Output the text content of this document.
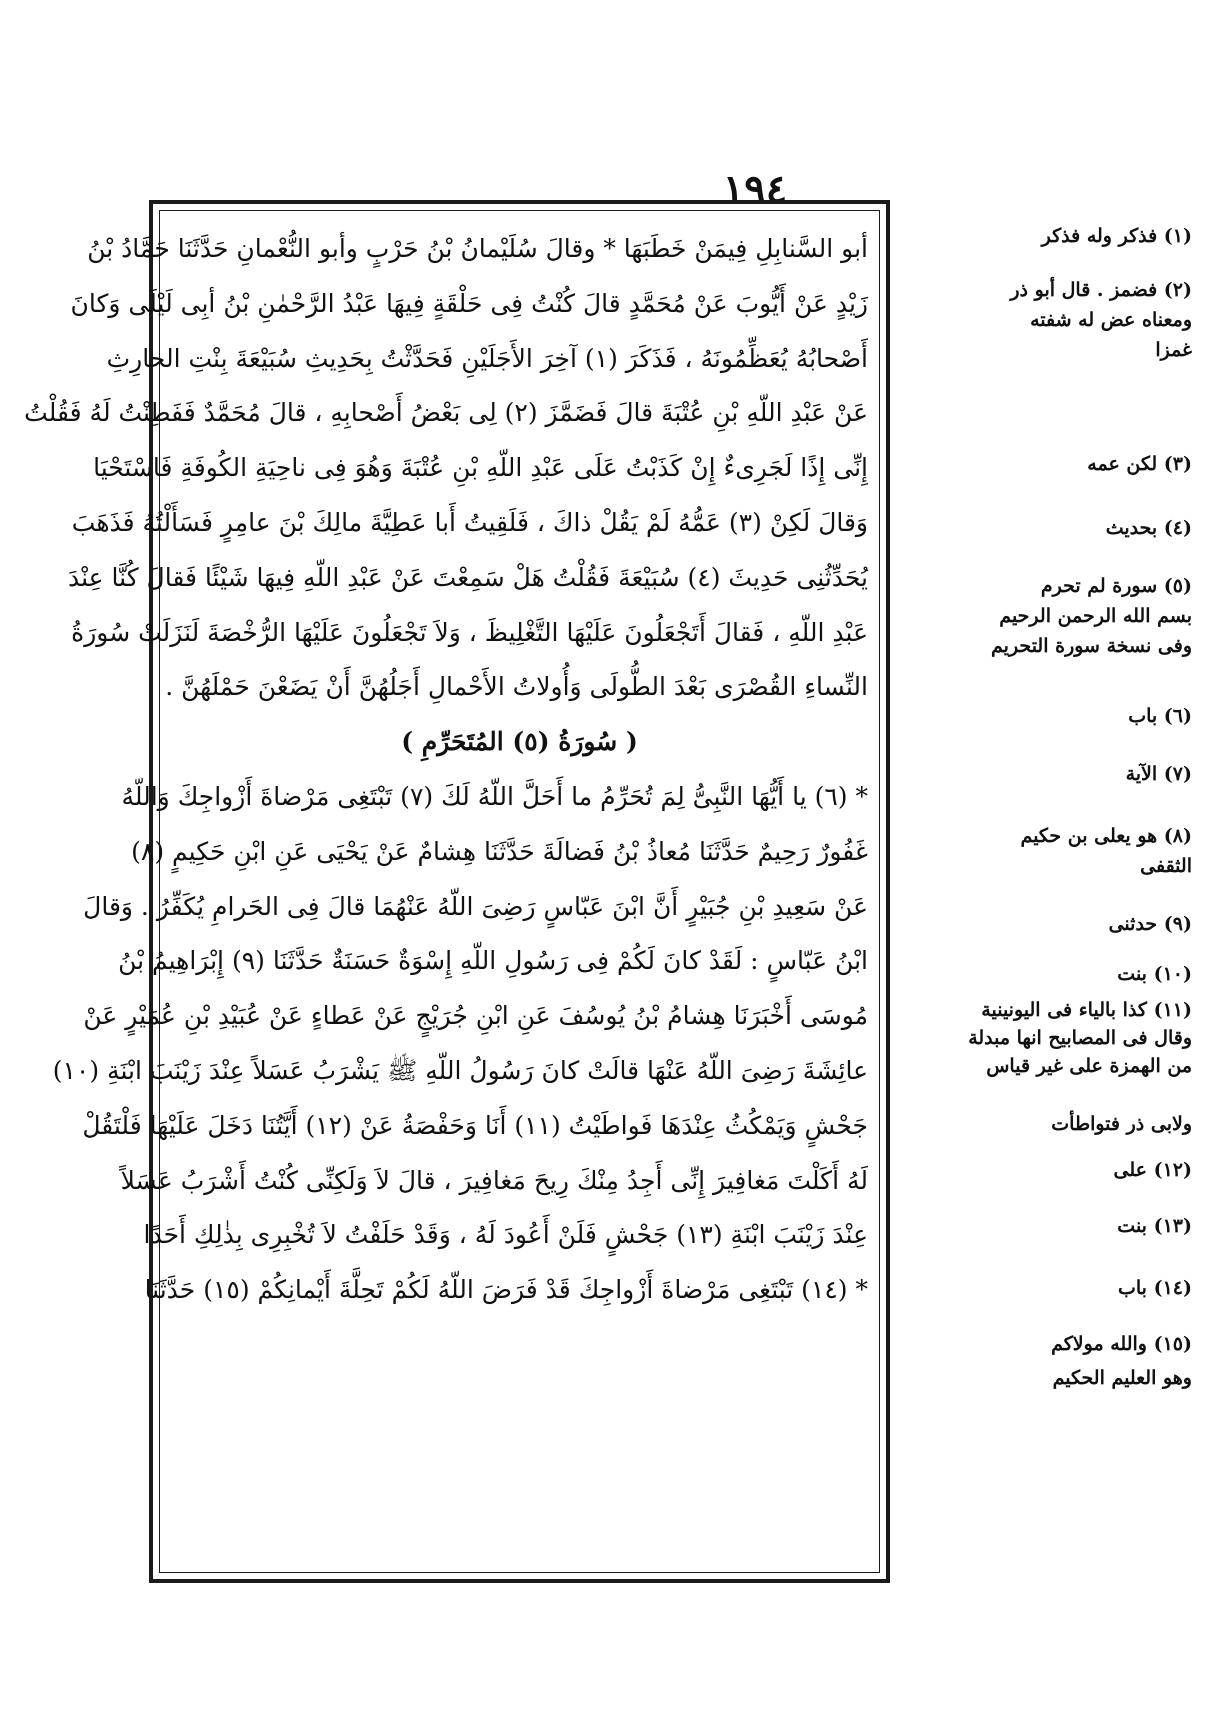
١٩٤
أبو السَّنابِلِ فِيمَنْ خَطَبَهَا * وقالَ سُلَيْمانُ بْنُ حَرْبٍ وأبو النُّعْمانِ حَدَّثَنَا حَمَّادُ بْنُ
زَيْدٍ عَنْ أَيُّوبَ عَنْ مُحَمَّدٍ قالَ كُنْتُ فِى حَلْقَةٍ فِيهَا عَبْدُ الرَّحْمٰنِ بْنُ أبِى لَيْلَى وَكانَ
أَصْحابُهُ يُعَظِّمُونَهُ ، فَذَكَرَ (١) آخِرَ الأَجَلَيْنِ فَحَدَّثْتُ بِحَدِيثِ سُبَيْعَةَ بِنْتِ الحارِثِ
عَنْ عَبْدِ اللّهِ بْنِ عُتْبَةَ قالَ فَضَمَّزَ (٢) لِى بَعْضُ أَصْحابِهِ ، قالَ مُحَمَّدٌ فَفَطِنْتُ لَهُ فَقُلْتُ
إِنِّى إِذًا لَجَرِىءٌ إِنْ كَذَبْتُ عَلَى عَبْدِ اللّهِ بْنِ عُتْبَةَ وَهُوَ فِى ناحِيَةِ الكُوفَةِ فَاسْتَحْيَا
وَقالَ لَكِنْ (٣) عَمُّهُ لَمْ يَقُلْ ذاكَ ، فَلَقِيتُ أَبا عَطِيَّةَ مالِكَ بْنَ عامِرٍ فَسَأَلْتُهُ فَذَهَبَ
يُحَدِّثُنِى حَدِيثَ (٤) سُبَيْعَةَ فَقُلْتُ هَلْ سَمِعْتَ عَنْ عَبْدِ اللّهِ فِيهَا شَيْئًا فَقالَ كُنَّا عِنْدَ
عَبْدِ اللّهِ ، فَقالَ أَتَجْعَلُونَ عَلَيْهَا التَّغْلِيظَ ، وَلاَ تَجْعَلُونَ عَلَيْهَا الرُّخْصَةَ لَنَزَلَتْ سُورَةُ
النِّساءِ القُصْرَى بَعْدَ الطُّولَى وَأُولاتُ الأَحْمالِ أَجَلُهُنَّ أَنْ يَضَعْنَ حَمْلَهُنَّ .
( سُورَةُ (٥) المُتَحَرِّمِ )
* (٦) يا أَيُّهَا النَّبِىُّ لِمَ تُحَرِّمُ ما أَحَلَّ اللّهُ لَكَ (٧) تَبْتَغِى مَرْضاةَ أَزْواجِكَ وَاللّهُ
غَفُورٌ رَحِيمٌ حَدَّثَنَا مُعاذُ بْنُ فَضالَةَ حَدَّثَنَا هِشامٌ عَنْ يَحْيَى عَنِ ابْنِ حَكِيمٍ (٨)
عَنْ سَعِيدِ بْنِ جُبَيْرٍ أَنَّ ابْنَ عَبّاسٍ رَضِىَ اللّهُ عَنْهُمَا قالَ فِى الحَرامِ يُكَفِّرُ . وَقالَ
ابْنُ عَبّاسٍ : لَقَدْ كانَ لَكُمْ فِى رَسُولِ اللّهِ إِسْوَةٌ حَسَنَةٌ حَدَّثَنَا (٩) إِبْرَاهِيمُ بْنُ
مُوسَى أَخْبَرَنَا هِشامُ بْنُ يُوسُفَ عَنِ ابْنِ جُرَيْجٍ عَنْ عَطاءٍ عَنْ عُبَيْدِ بْنِ عُمَيْرٍ عَنْ
عائِشَةَ رَضِىَ اللّهُ عَنْهَا قالَتْ كانَ رَسُولُ اللّهِ ﷺ يَشْرَبُ عَسَلاً عِنْدَ زَيْنَبَ ابْنَةِ (١٠)
جَحْشٍ وَيَمْكُثُ عِنْدَهَا فَواطَيْتُ (١١) أَنَا وَحَفْصَةُ عَنْ (١٢) أَيَّتُنَا دَخَلَ عَلَيْهَا فَلْتَقُلْ
لَهُ أَكَلْتَ مَغافِيرَ إِنِّى أَجِدُ مِنْكَ رِيحَ مَغافِيرَ ، قالَ لاَ وَلَكِنِّى كُنْتُ أَشْرَبُ عَسَلاً
عِنْدَ زَيْنَبَ ابْنَةِ (١٣) جَحْشٍ فَلَنْ أَعُودَ لَهُ ، وَقَدْ حَلَفْتُ لاَ تُخْبِرِى بِذٰلِكِ أَحَدًا
* (١٤) تَبْتَغِى مَرْضاةَ أَزْواجِكَ قَدْ فَرَضَ اللّهُ لَكُمْ تَحِلَّةَ أَيْمانِكُمْ (١٥) حَدَّثَنَا
(١) فذكر وله فذكر
(٢) فضمز . قال أبو ذر
ومعناه عض له شفته
غمزا
(٣) لكن عمه
(٤) بحديث
(٥) سورة لم تحرم
بسم الله الرحمن الرحيم
وفى نسخة سورة التحريم
(٦) باب
(٧) الآية
(٨) هو يعلى بن حكيم
الثقفى
(٩) حدثنى
(١٠) بنت
(١١) كذا بالياء فى اليونينية
وقال فى المصابيح انها مبدلة
من الهمزة على غير قياس
ولابى ذر فتواطأت
(١٢) على
(١٣) بنت
(١٤) باب
(١٥) والله مولاكم
وهو العليم الحكيم
